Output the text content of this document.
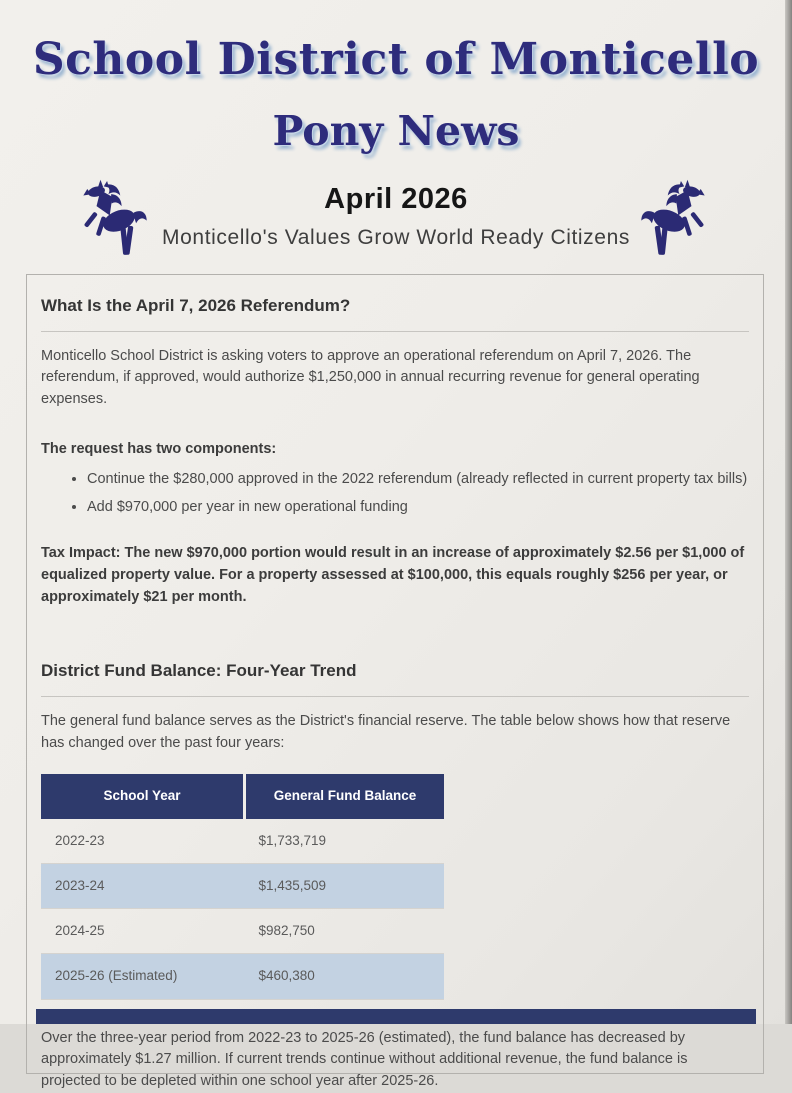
School District of Monticello
Pony News
April 2026
Monticello's Values Grow World Ready Citizens
What Is the April 7, 2026 Referendum?

Monticello School District is asking voters to approve an operational referendum on April 7, 2026. The referendum, if approved, would authorize $1,250,000 in annual recurring revenue for general operating expenses.

The request has two components:

• Continue the $280,000 approved in the 2022 referendum (already reflected in current property tax bills)
• Add $970,000 per year in new operational funding

Tax Impact: The new $970,000 portion would result in an increase of approximately $2.56 per $1,000 of equalized property value. For a property assessed at $100,000, this equals roughly $256 per year, or approximately $21 per month.

District Fund Balance: Four-Year Trend

The general fund balance serves as the District's financial reserve. The table below shows how that reserve has changed over the past four years:

School Year	General Fund Balance
2022-23	$1,733,719
2023-24	$1,435,509
2024-25	$982,750
2025-26 (Estimated)	$460,380

Over the three-year period from 2022-23 to 2025-26 (estimated), the fund balance has decreased by approximately $1.27 million. If current trends continue without additional revenue, the fund balance is projected to be depleted within one school year after 2025-26.
